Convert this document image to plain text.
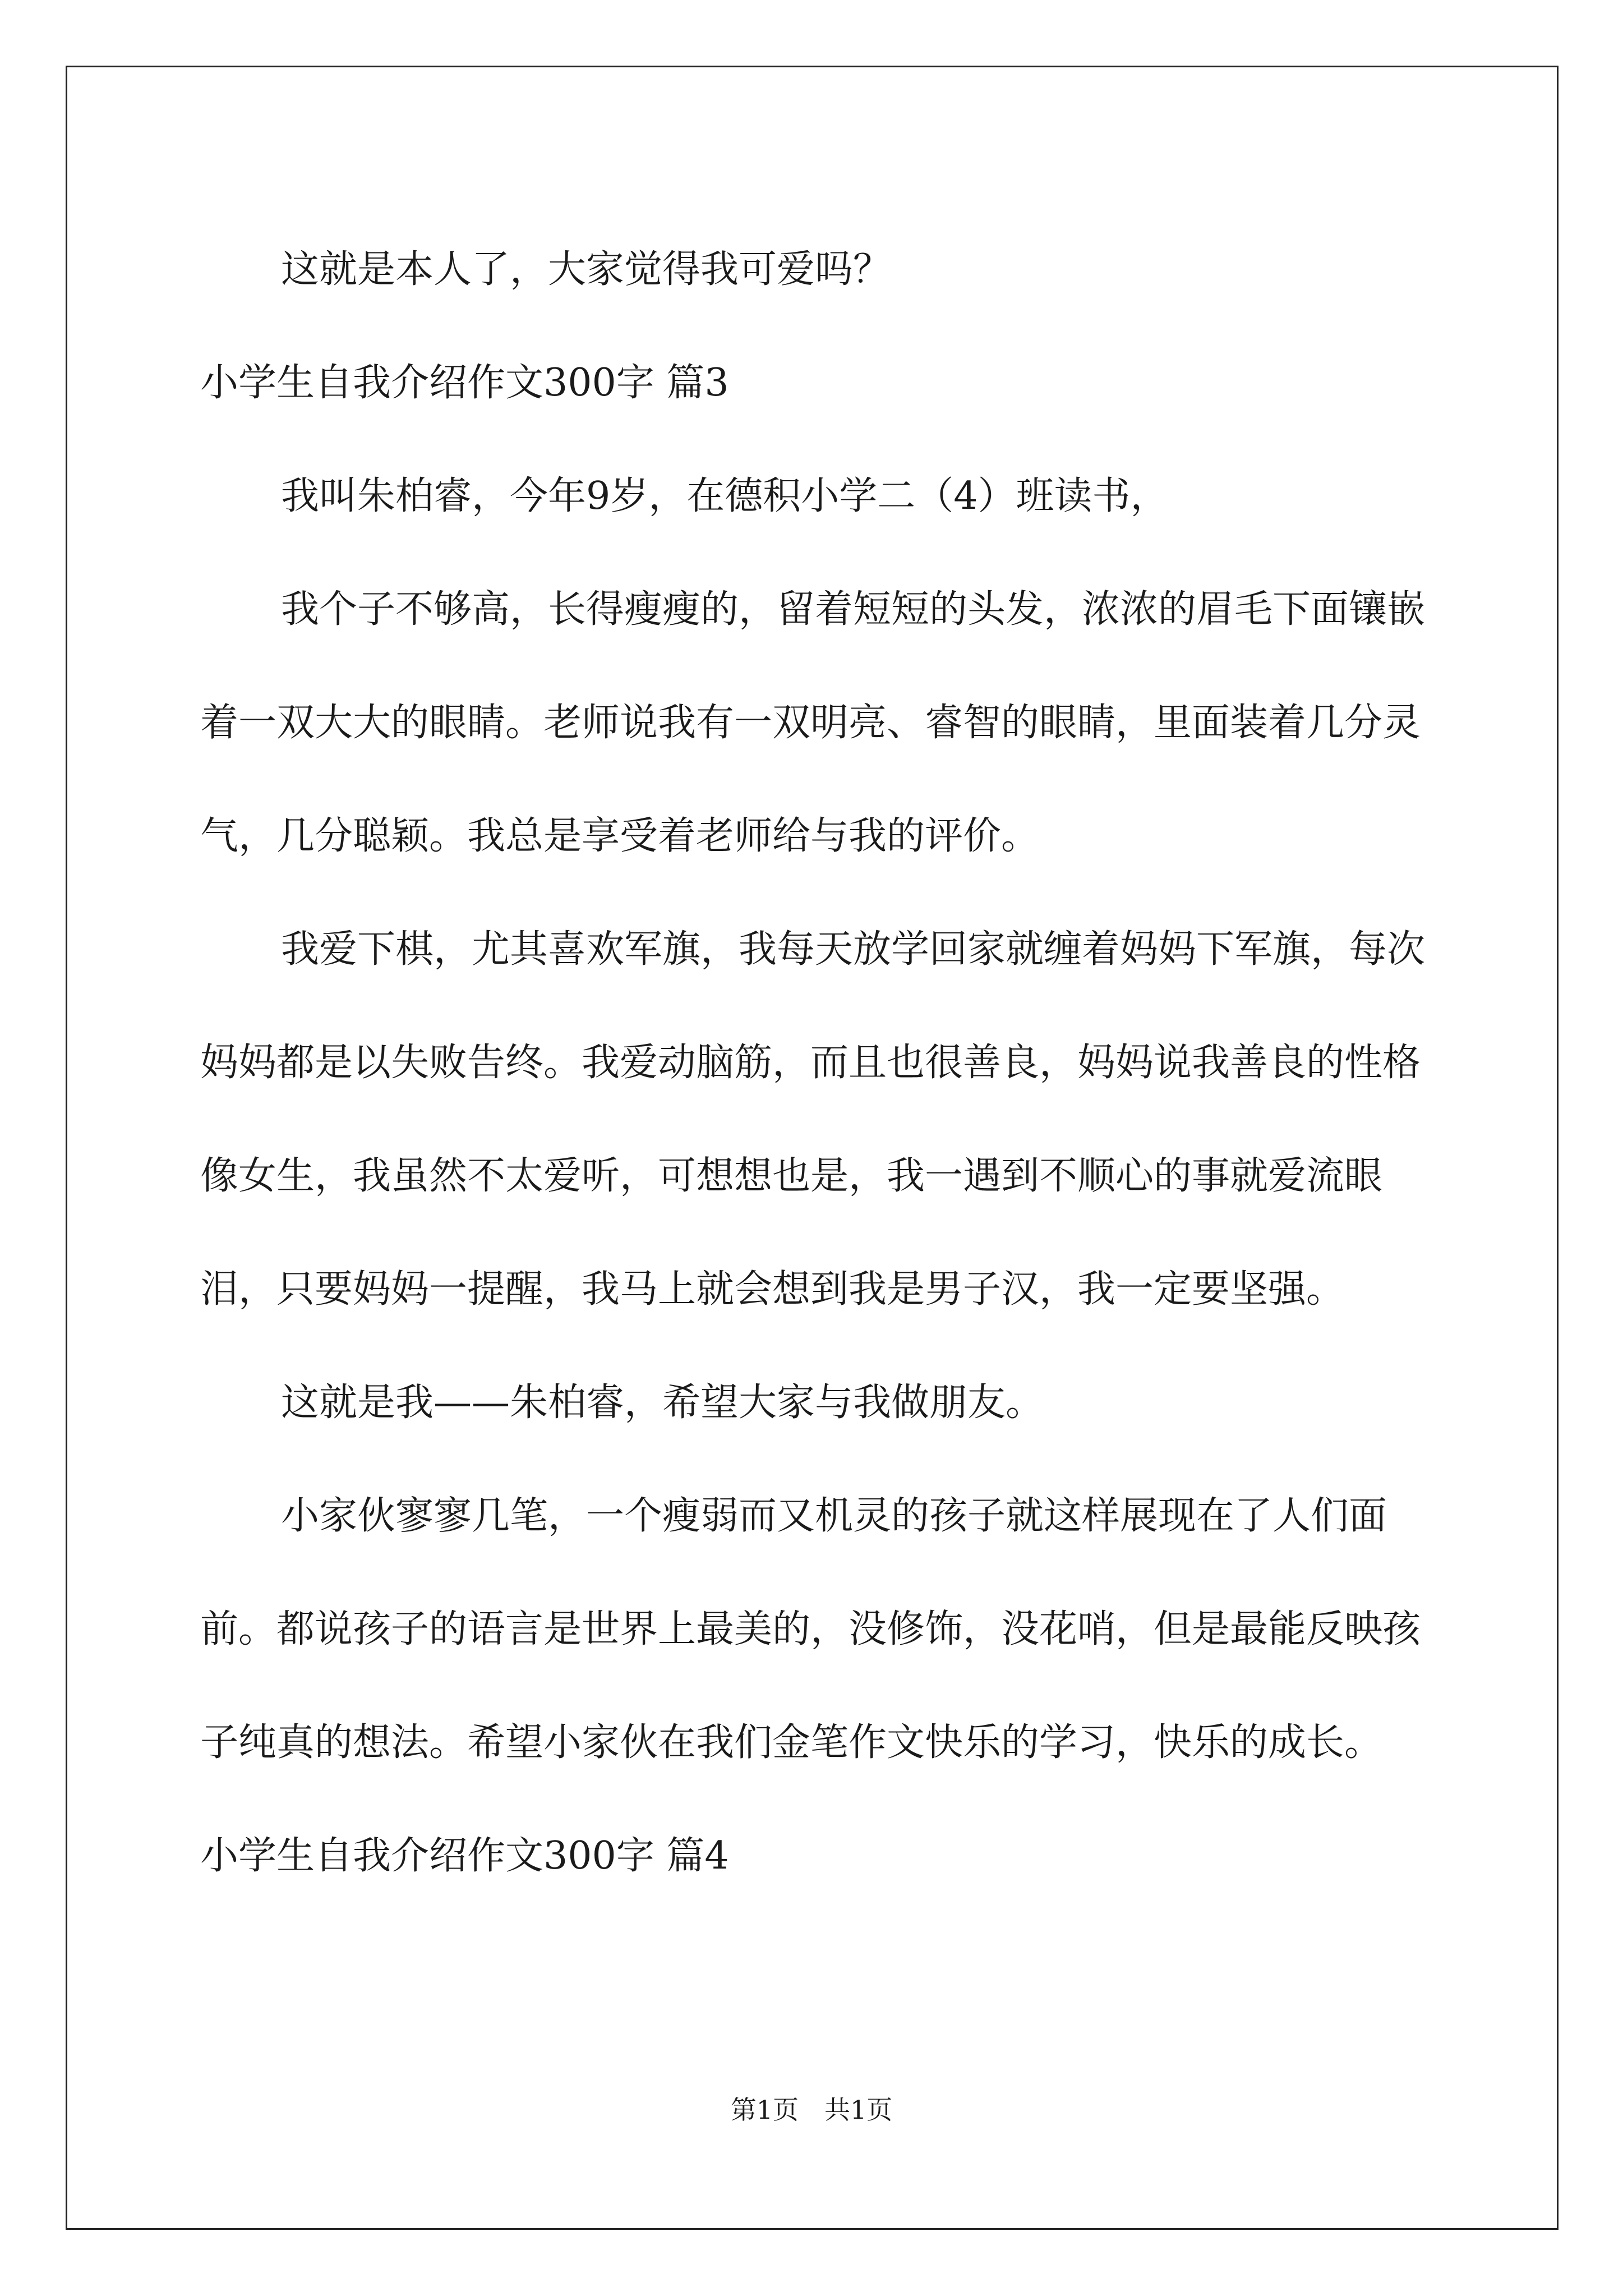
这就是本人了，大家觉得我可爱吗？

小学生自我介绍作文300字 篇3

我叫朱柏睿，今年9岁，在德积小学二（4）班读书，

我个子不够高，长得瘦瘦的，留着短短的头发，浓浓的眉毛下面镶嵌着一双大大的眼睛。老师说我有一双明亮、睿智的眼睛，里面装着几分灵气，几分聪颖。我总是享受着老师给与我的评价。

我爱下棋，尤其喜欢军旗，我每天放学回家就缠着妈妈下军旗，每次妈妈都是以失败告终。我爱动脑筋，而且也很善良，妈妈说我善良的性格像女生，我虽然不太爱听，可想想也是，我一遇到不顺心的事就爱流眼泪，只要妈妈一提醒，我马上就会想到我是男子汉，我一定要坚强。

这就是我——朱柏睿，希望大家与我做朋友。

小家伙寥寥几笔，一个瘦弱而又机灵的孩子就这样展现在了人们面前。都说孩子的语言是世界上最美的，没修饰，没花哨，但是最能反映孩子纯真的想法。希望小家伙在我们金笔作文快乐的学习，快乐的成长。

小学生自我介绍作文300字 篇4

第1页　共1页
